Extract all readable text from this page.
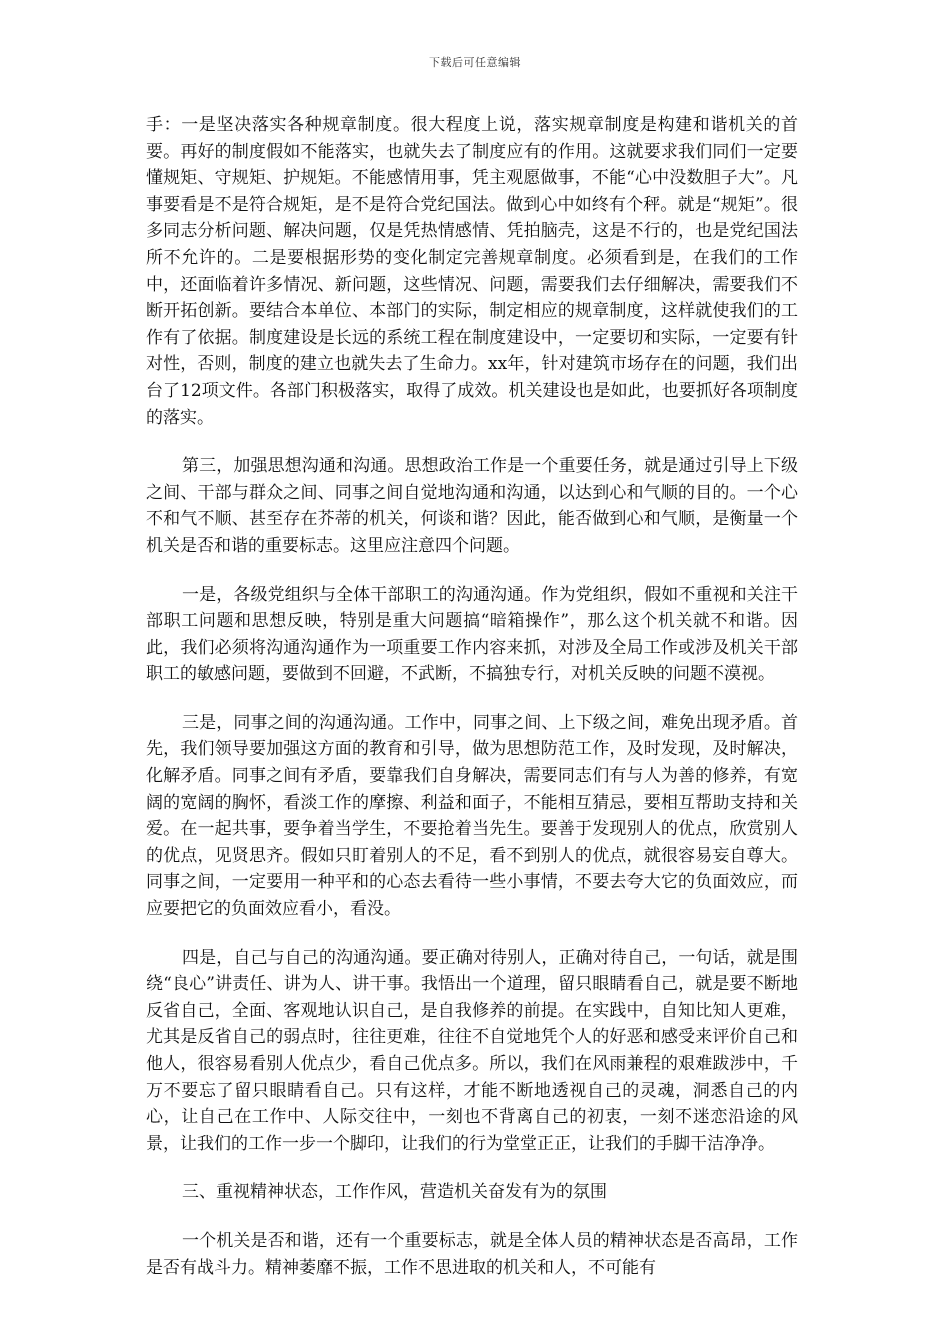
下载后可任意编辑

手：一是坚决落实各种规章制度。很大程度上说，落实规章制度是构建和谐机关的首要。再好的制度假如不能落实，也就失去了制度应有的作用。这就要求我们同们一定要懂规矩、守规矩、护规矩。不能感情用事，凭主观愿做事，不能“心中没数胆子大”。凡事要看是不是符合规矩，是不是符合党纪国法。做到心中如终有个秤。就是“规矩”。很多同志分析问题、解决问题，仅是凭热情感情、凭拍脑壳，这是不行的，也是党纪国法所不允许的。二是要根据形势的变化制定完善规章制度。必须看到是，在我们的工作中，还面临着许多情况、新问题，这些情况、问题，需要我们去仔细解决，需要我们不断开拓创新。要结合本单位、本部门的实际，制定相应的规章制度，这样就使我们的工作有了依据。制度建设是长远的系统工程在制度建设中，一定要切和实际，一定要有针对性，否则，制度的建立也就失去了生命力。xx年，针对建筑市场存在的问题，我们出台了12项文件。各部门积极落实，取得了成效。机关建设也是如此，也要抓好各项制度的落实。

第三，加强思想沟通和沟通。思想政治工作是一个重要任务，就是通过引导上下级之间、干部与群众之间、同事之间自觉地沟通和沟通，以达到心和气顺的目的。一个心不和气不顺、甚至存在芥蒂的机关，何谈和谐？因此，能否做到心和气顺，是衡量一个机关是否和谐的重要标志。这里应注意四个问题。

一是，各级党组织与全体干部职工的沟通沟通。作为党组织，假如不重视和关注干部职工问题和思想反映，特别是重大问题搞“暗箱操作”，那么这个机关就不和谐。因此，我们必须将沟通沟通作为一项重要工作内容来抓，对涉及全局工作或涉及机关干部职工的敏感问题，要做到不回避，不武断，不搞独专行，对机关反映的问题不漠视。

三是，同事之间的沟通沟通。工作中，同事之间、上下级之间，难免出现矛盾。首先，我们领导要加强这方面的教育和引导，做为思想防范工作，及时发现，及时解决，化解矛盾。同事之间有矛盾，要靠我们自身解决，需要同志们有与人为善的修养，有宽阔的宽阔的胸怀，看淡工作的摩擦、利益和面子，不能相互猜忌，要相互帮助支持和关爱。在一起共事，要争着当学生，不要抢着当先生。要善于发现别人的优点，欣赏别人的优点，见贤思齐。假如只盯着别人的不足，看不到别人的优点，就很容易妄自尊大。同事之间，一定要用一种平和的心态去看待一些小事情，不要去夸大它的负面效应，而应要把它的负面效应看小，看没。

四是，自己与自己的沟通沟通。要正确对待别人，正确对待自己，一句话，就是围绕“良心”讲责任、讲为人、讲干事。我悟出一个道理，留只眼睛看自己，就是要不断地反省自己，全面、客观地认识自己，是自我修养的前提。在实践中，自知比知人更难，尤其是反省自己的弱点时，往往更难，往往不自觉地凭个人的好恶和感受来评价自己和他人，很容易看别人优点少，看自己优点多。所以，我们在风雨兼程的艰难跋涉中，千万不要忘了留只眼睛看自己。只有这样，才能不断地透视自己的灵魂，洞悉自己的内心，让自己在工作中、人际交往中，一刻也不背离自己的初衷，一刻不迷恋沿途的风景，让我们的工作一步一个脚印，让我们的行为堂堂正正，让我们的手脚干洁净净。

三、重视精神状态，工作作风，营造机关奋发有为的氛围

一个机关是否和谐，还有一个重要标志，就是全体人员的精神状态是否高昂，工作是否有战斗力。精神萎靡不振，工作不思进取的机关和人，不可能有
